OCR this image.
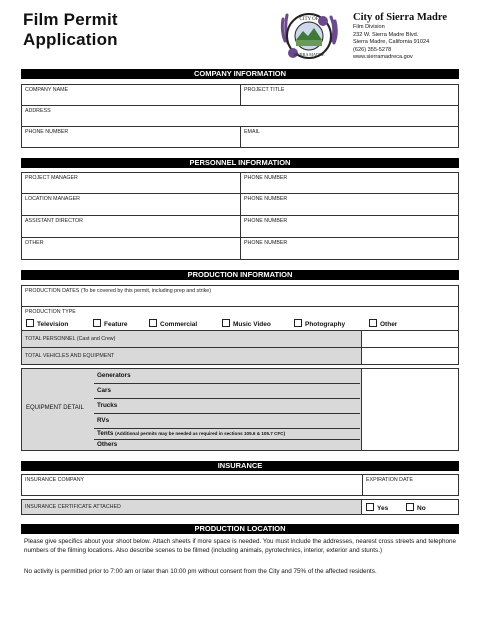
Film Permit
Application
CITY OF
SIERRA MADRE
City of Sierra Madre
Film Division
232 W. Sierra Madre Blvd.
Sierra Madre, California 91024
(626) 355-5278
www.sierramadreca.gov
COMPANY INFORMATION
COMPANY NAME	PROJECT TITLE
ADDRESS
PHONE NUMBER	EMAIL
PERSONNEL INFORMATION
PROJECT MANAGER	PHONE NUMBER
LOCATION MANAGER	PHONE NUMBER
ASSISTANT DIRECTOR	PHONE NUMBER
OTHER	PHONE NUMBER
PRODUCTION INFORMATION
PRODUCTION DATES (To be covered by this permit, including prep and strike)
PRODUCTION TYPE
Television	Feature	Commercial	Music Video	Photography	Other
TOTAL PERSONNEL (Cast and Crew)
TOTAL VEHICLES AND EQUIPMENT
EQUIPMENT DETAIL
Generators
Cars
Trucks
RVs
Tents (Additional permits may be needed as required in sections 105.6 & 105.7 CFC)
Others
INSURANCE
INSURANCE COMPANY	EXPIRATION DATE
INSURANCE CERTIFICATE ATTACHED	Yes	No
PRODUCTION LOCATION
Please give specifics about your shoot below. Attach sheets if more space is needed. You must include the addresses, nearest cross streets and telephone numbers of the filming locations. Also describe scenes to be filmed (including animals, pyrotechnics, interior, exterior and stunts.)
No activity is permitted prior to 7:00 am or later than 10:00 pm without consent from the City and 75% of the affected residents.
